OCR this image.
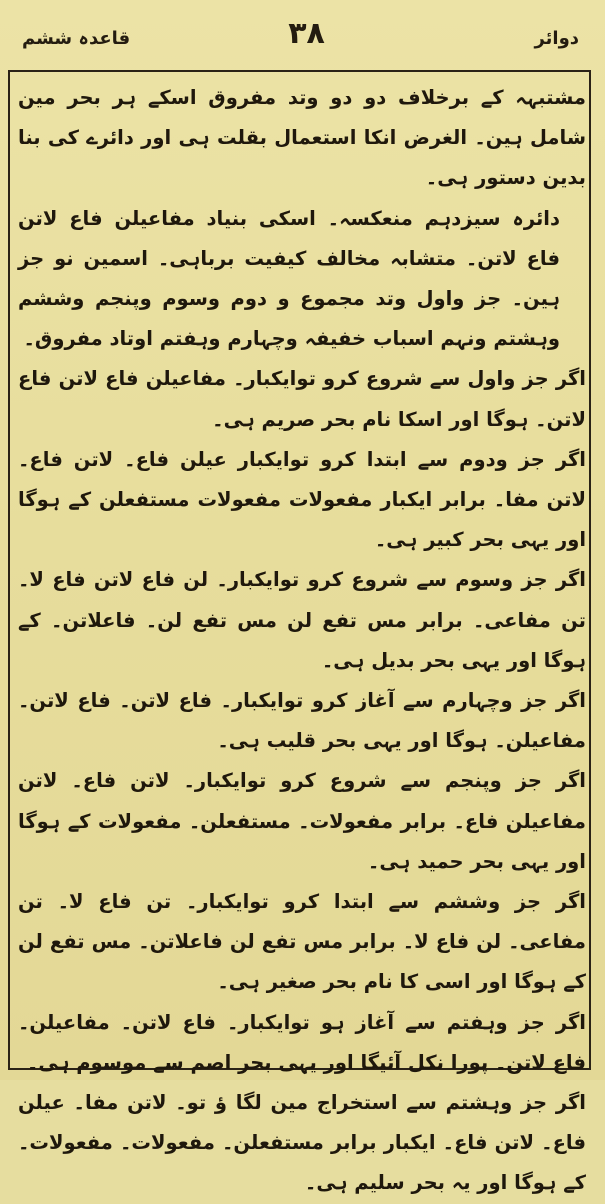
قاعدہ ششم	۳۸	دوائر

مشتبہہ کے برخلاف دو دو وتد مفروق اسکے ہر بحر مین شامل ہین۔ الغرض انکا استعمال بقلت ہی اور دائرے کی بنا بدین دستور ہی۔

دائرہ سیزدہم منعکسہ۔ اسکی بنیاد مفاعیلن فاع لاتن فاع لاتن۔ متشابہ مخالف کیفیت برباہی۔ اسمین نو جز ہین۔ جز واول وتد مجموع و دوم وسوم وپنجم وششم وہشتم ونہم اسباب خفیفہ وچہارم وہفتم اوتاد مفروق۔

اگر جز واول سے شروع کرو توایکبار۔ مفاعیلن فاع لاتن فاع لاتن۔ ہوگا اور اسکا نام بحر صریم ہی۔

اگر جز ودوم سے ابتدا کرو توایکبار عیلن فاع۔ لاتن فاع۔ لاتن مفا۔ برابر ایکبار مفعولات مفعولات مستفعلن کے ہوگا اور یہی بحر کبیر ہی۔

اگر جز وسوم سے شروع کرو توایکبار۔ لن فاع لاتن فاع لا۔ تن مفاعی۔ برابر مس تفع لن مس تفع لن۔ فاعلاتن۔ کے ہوگا اور یہی بحر بدیل ہی۔

اگر جز وچہارم سے آغاز کرو توایکبار۔ فاع لاتن۔ فاع لاتن۔ مفاعیلن۔ ہوگا اور یہی بحر قلیب ہی۔

اگر جز وپنجم سے شروع کرو توایکبار۔ لاتن فاع۔ لاتن مفاعیلن فاع۔ برابر مفعولات۔ مستفعلن۔ مفعولات کے ہوگا اور یہی بحر حمید ہی۔

اگر جز وششم سے ابتدا کرو توایکبار۔ تن فاع لا۔ تن مفاعی۔ لن فاع لا۔ برابر مس تفع لن فاعلاتن۔ مس تفع لن کے ہوگا اور اسی کا نام بحر صغیر ہی۔

اگر جز وہفتم سے آغاز ہو توایکبار۔ فاع لاتن۔ مفاعیلن۔ فاع لاتن۔ پورا نکل آئیگا اور یہی بحر اصم سے موسوم ہی۔

اگر جز وہشتم سے استخراج مین لگا ؤ تو۔ لاتن مفا۔ عیلن فاع۔ لاتن فاع۔ ایکبار برابر مستفعلن۔ مفعولات۔ مفعولات۔ کے ہوگا اور یہ بحر سلیم ہی۔
